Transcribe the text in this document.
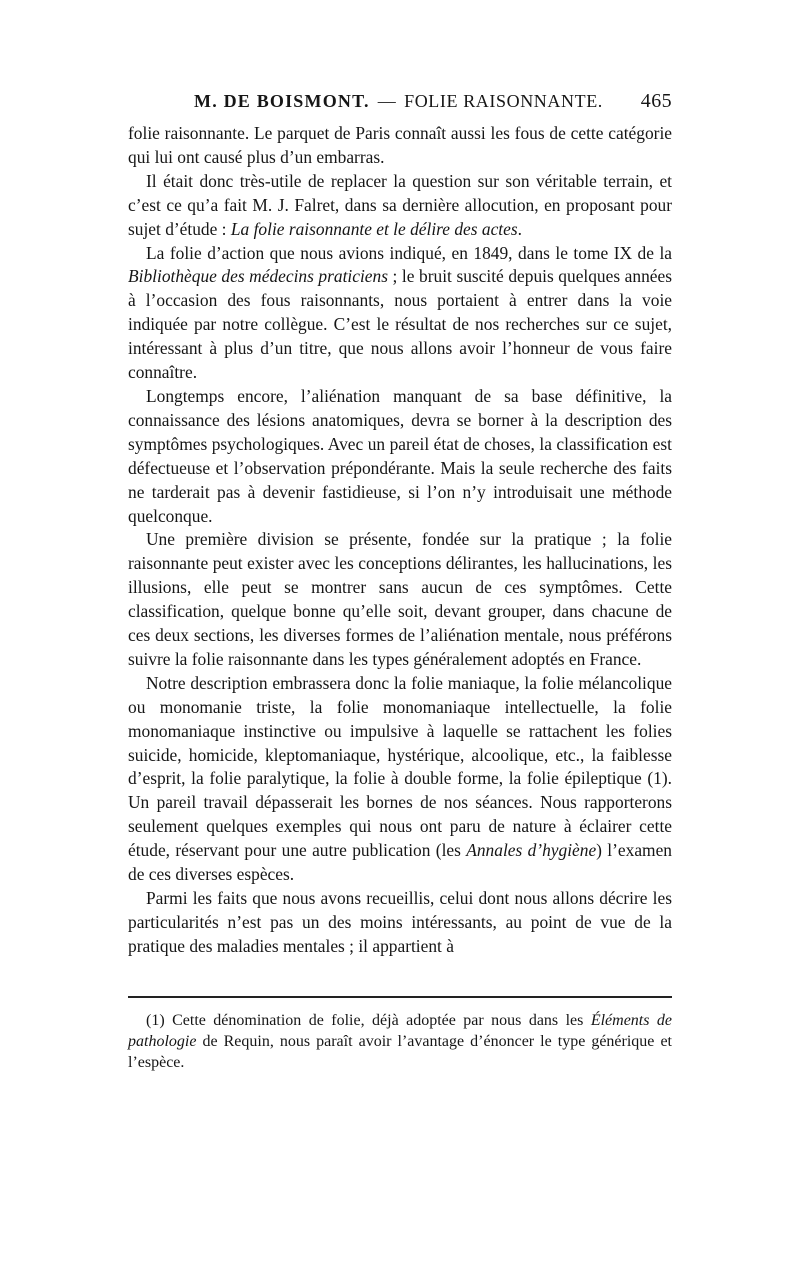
M. DE BOISMONT. — FOLIE RAISONNANTE.	465

folie raisonnante. Le parquet de Paris connaît aussi les fous de cette catégorie qui lui ont causé plus d’un embarras.

Il était donc très-utile de replacer la question sur son véritable terrain, et c’est ce qu’a fait M. J. Falret, dans sa dernière allocution, en proposant pour sujet d’étude : La folie raisonnante et le délire des actes.

La folie d’action que nous avions indiqué, en 1849, dans le tome IX de la Bibliothèque des médecins praticiens ; le bruit suscité depuis quelques années à l’occasion des fous raisonnants, nous portaient à entrer dans la voie indiquée par notre collègue. C’est le résultat de nos recherches sur ce sujet, intéressant à plus d’un titre, que nous allons avoir l’honneur de vous faire connaître.

Longtemps encore, l’aliénation manquant de sa base définitive, la connaissance des lésions anatomiques, devra se borner à la description des symptômes psychologiques. Avec un pareil état de choses, la classification est défectueuse et l’observation prépondérante. Mais la seule recherche des faits ne tarderait pas à devenir fastidieuse, si l’on n’y introduisait une méthode quelconque.

Une première division se présente, fondée sur la pratique ; la folie raisonnante peut exister avec les conceptions délirantes, les hallucinations, les illusions, elle peut se montrer sans aucun de ces symptômes. Cette classification, quelque bonne qu’elle soit, devant grouper, dans chacune de ces deux sections, les diverses formes de l’aliénation mentale, nous préférons suivre la folie raisonnante dans les types généralement adoptés en France.

Notre description embrassera donc la folie maniaque, la folie mélancolique ou monomanie triste, la folie monomaniaque intellectuelle, la folie monomaniaque instinctive ou impulsive à laquelle se rattachent les folies suicide, homicide, kleptomaniaque, hystérique, alcoolique, etc., la faiblesse d’esprit, la folie paralytique, la folie à double forme, la folie épileptique (1). Un pareil travail dépasserait les bornes de nos séances. Nous rapporterons seulement quelques exemples qui nous ont paru de nature à éclairer cette étude, réservant pour une autre publication (les Annales d’hygiène) l’examen de ces diverses espèces.

Parmi les faits que nous avons recueillis, celui dont nous allons décrire les particularités n’est pas un des moins intéressants, au point de vue de la pratique des maladies mentales ; il appartient à

(1) Cette dénomination de folie, déjà adoptée par nous dans les Éléments de pathologie de Requin, nous paraît avoir l’avantage d’énoncer le type générique et l’espèce.
